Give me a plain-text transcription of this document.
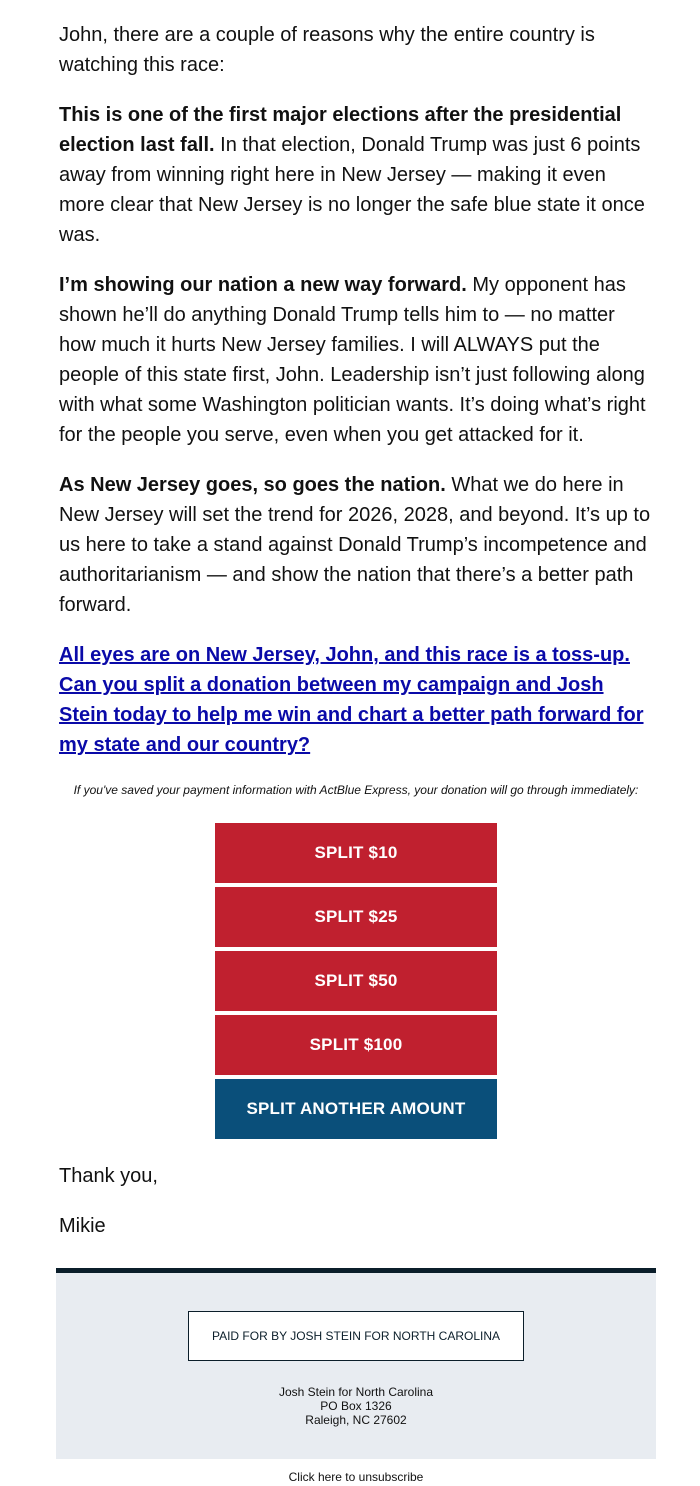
John, there are a couple of reasons why the entire country is watching this race:

This is one of the first major elections after the presidential election last fall. In that election, Donald Trump was just 6 points away from winning right here in New Jersey — making it even more clear that New Jersey is no longer the safe blue state it once was.

I’m showing our nation a new way forward. My opponent has shown he’ll do anything Donald Trump tells him to — no matter how much it hurts New Jersey families. I will ALWAYS put the people of this state first, John. Leadership isn’t just following along with what some Washington politician wants. It’s doing what’s right for the people you serve, even when you get attacked for it.

As New Jersey goes, so goes the nation. What we do here in New Jersey will set the trend for 2026, 2028, and beyond. It’s up to us here to take a stand against Donald Trump’s incompetence and authoritarianism — and show the nation that there’s a better path forward.

All eyes are on New Jersey, John, and this race is a toss-up. Can you split a donation between my campaign and Josh Stein today to help me win and chart a better path forward for my state and our country?
If you've saved your payment information with ActBlue Express, your donation will go through immediately:
SPLIT $10
SPLIT $25
SPLIT $50
SPLIT $100
SPLIT ANOTHER AMOUNT
Thank you,
Mikie
PAID FOR BY JOSH STEIN FOR NORTH CAROLINA
Josh Stein for North Carolina
PO Box 1326
Raleigh, NC 27602
Click here to unsubscribe
